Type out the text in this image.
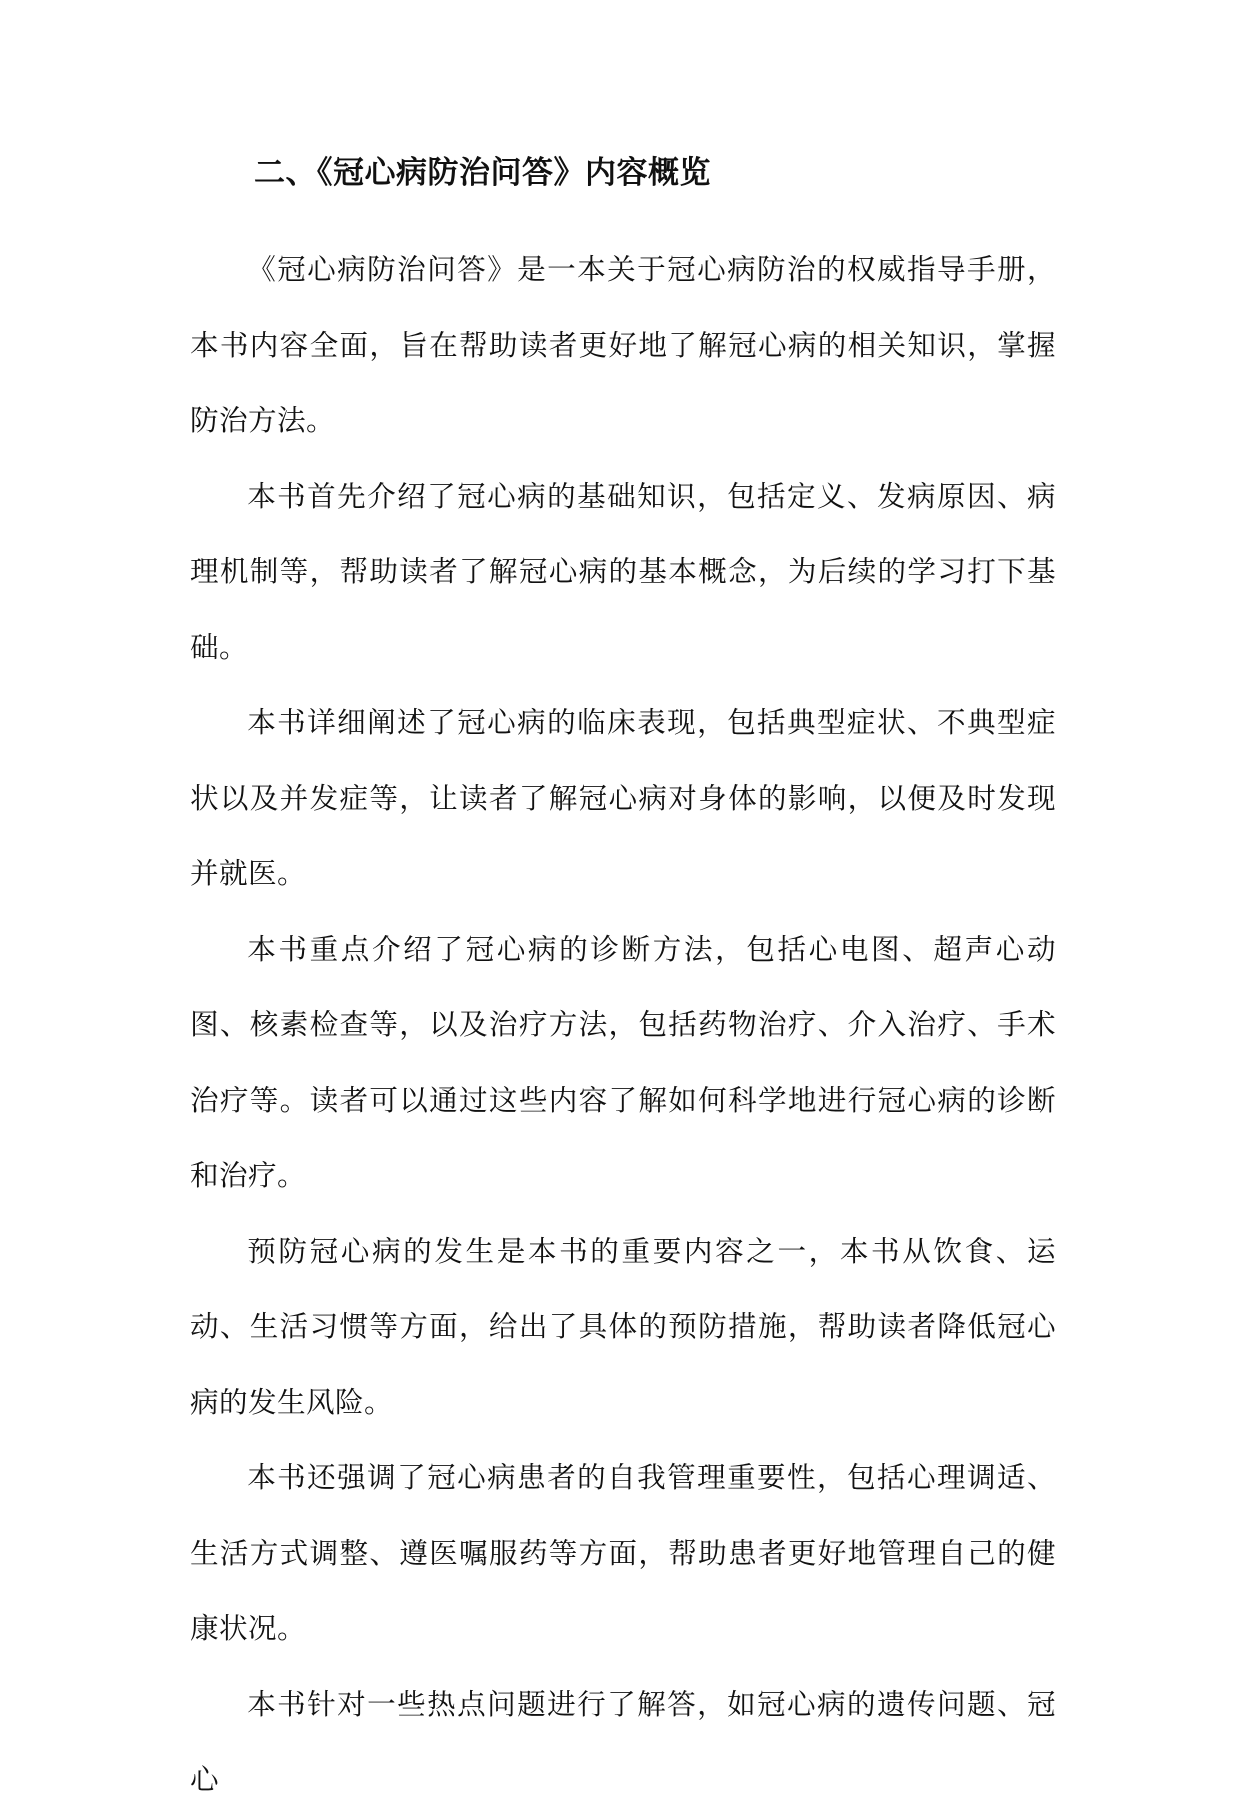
二、《冠心病防治问答》内容概览

《冠心病防治问答》是一本关于冠心病防治的权威指导手册，本书内容全面，旨在帮助读者更好地了解冠心病的相关知识，掌握防治方法。

本书首先介绍了冠心病的基础知识，包括定义、发病原因、病理机制等，帮助读者了解冠心病的基本概念，为后续的学习打下基础。

本书详细阐述了冠心病的临床表现，包括典型症状、不典型症状以及并发症等，让读者了解冠心病对身体的影响，以便及时发现并就医。

本书重点介绍了冠心病的诊断方法，包括心电图、超声心动图、核素检查等，以及治疗方法，包括药物治疗、介入治疗、手术治疗等。读者可以通过这些内容了解如何科学地进行冠心病的诊断和治疗。

预防冠心病的发生是本书的重要内容之一，本书从饮食、运动、生活习惯等方面，给出了具体的预防措施，帮助读者降低冠心病的发生风险。

本书还强调了冠心病患者的自我管理重要性，包括心理调适、生活方式调整、遵医嘱服药等方面，帮助患者更好地管理自己的健康状况。

本书针对一些热点问题进行了解答，如冠心病的遗传问题、冠心
